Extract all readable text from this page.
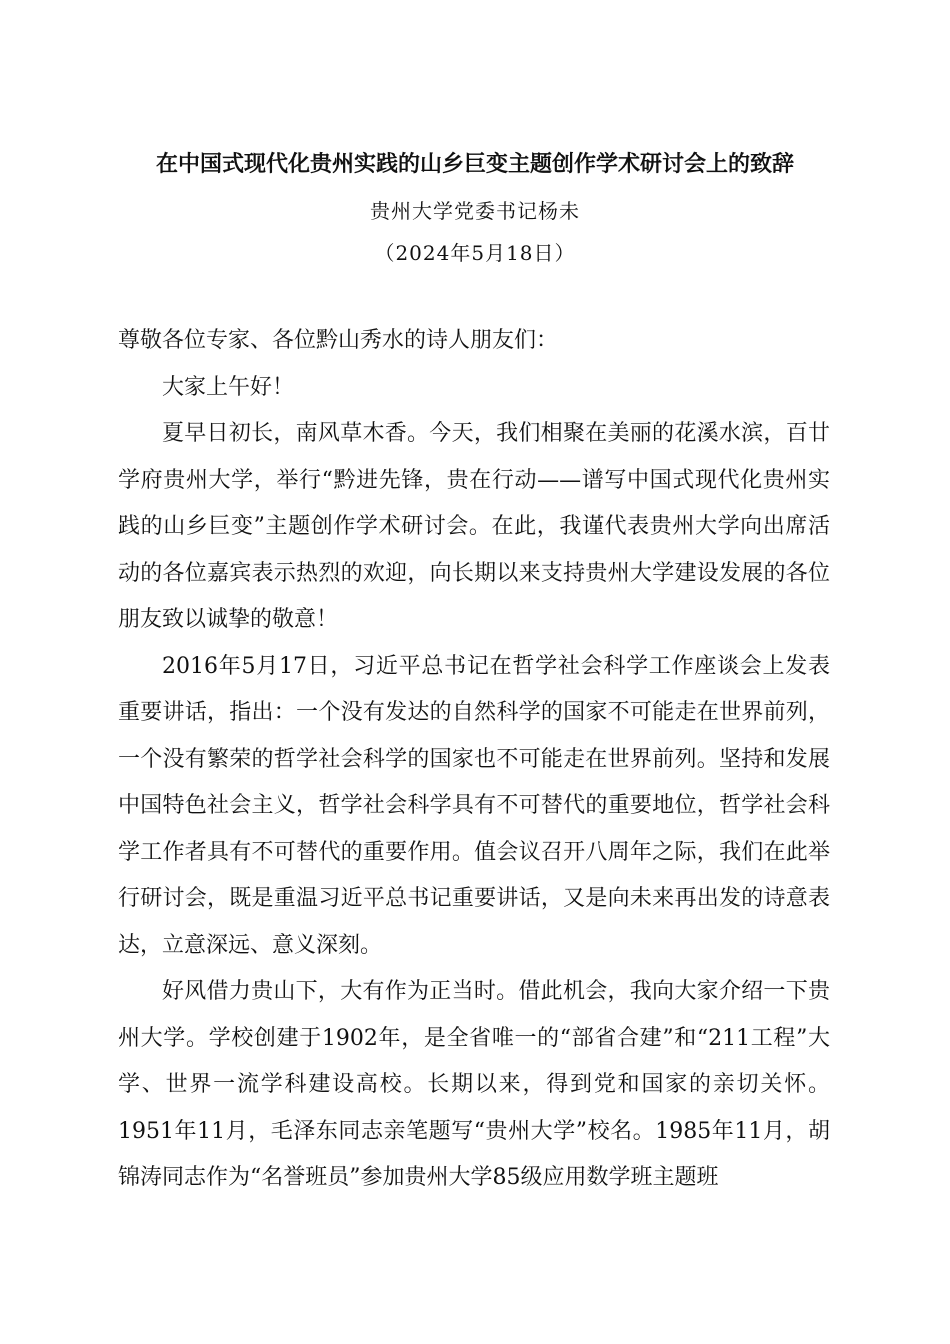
在中国式现代化贵州实践的山乡巨变主题创作学术研讨会上的致辞
贵州大学党委书记杨未
（2024年5月18日）

尊敬各位专家、各位黔山秀水的诗人朋友们：

大家上午好！

夏早日初长，南风草木香。今天，我们相聚在美丽的花溪水滨，百廿学府贵州大学，举行“黔进先锋，贵在行动——谱写中国式现代化贵州实践的山乡巨变”主题创作学术研讨会。在此，我谨代表贵州大学向出席活动的各位嘉宾表示热烈的欢迎，向长期以来支持贵州大学建设发展的各位朋友致以诚挚的敬意！

2016年5月17日，习近平总书记在哲学社会科学工作座谈会上发表重要讲话，指出：一个没有发达的自然科学的国家不可能走在世界前列，一个没有繁荣的哲学社会科学的国家也不可能走在世界前列。坚持和发展中国特色社会主义，哲学社会科学具有不可替代的重要地位，哲学社会科学工作者具有不可替代的重要作用。值会议召开八周年之际，我们在此举行研讨会，既是重温习近平总书记重要讲话，又是向未来再出发的诗意表达，立意深远、意义深刻。

好风借力贵山下，大有作为正当时。借此机会，我向大家介绍一下贵州大学。学校创建于1902年，是全省唯一的“部省合建”和“211工程”大学、世界一流学科建设高校。长期以来，得到党和国家的亲切关怀。1951年11月，毛泽东同志亲笔题写“贵州大学”校名。1985年11月，胡锦涛同志作为“名誉班员”参加贵州大学85级应用数学班主题班
